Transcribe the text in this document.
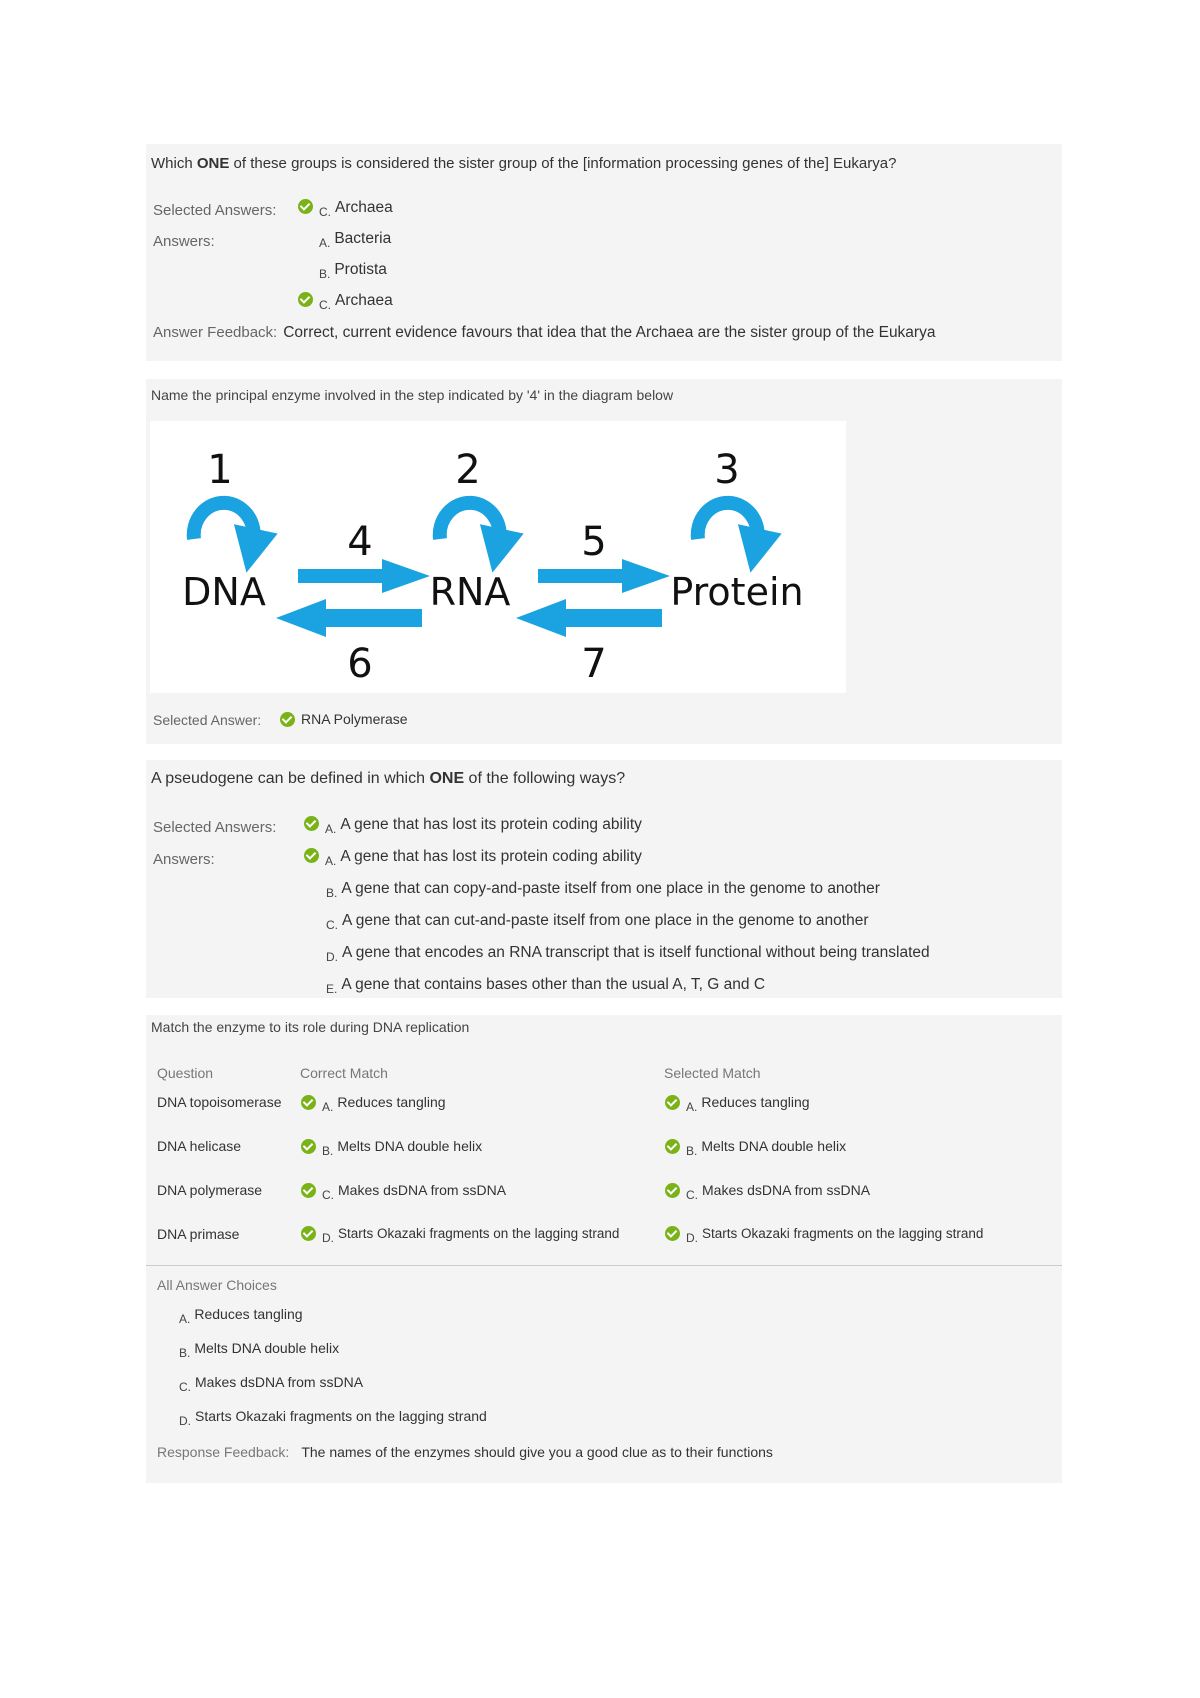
Which ONE of these groups is considered the sister group of the [information processing genes of the] Eukarya?
Selected Answers:	$_{C.}$ Archaea
Answers:	$_{A.}$ Bacteria
$_{B.}$ Protista
$_{C.}$ Archaea
Answer Feedback: Correct, current evidence favours that idea that the Archaea are the sister group of the Eukarya
Name the principal enzyme involved in the step indicated by '4' in the diagram below
1	2	3
4	5
6	7
DNA	RNA	Protein
Selected Answer:	RNA Polymerase
A pseudogene can be defined in which ONE of the following ways?
Selected Answers:	$_{A.}$ A gene that has lost its protein coding ability
Answers:	$_{A.}$ A gene that has lost its protein coding ability
$_{B.}$ A gene that can copy-and-paste itself from one place in the genome to another
$_{C.}$ A gene that can cut-and-paste itself from one place in the genome to another
$_{D.}$ A gene that encodes an RNA transcript that is itself functional without being translated
$_{E.}$ A gene that contains bases other than the usual A, T, G and C
Match the enzyme to its role during DNA replication
Question	Correct Match	Selected Match
DNA topoisomerase	A. Reduces tangling	A. Reduces tangling
DNA helicase	B. Melts DNA double helix	B. Melts DNA double helix
DNA polymerase	C. Makes dsDNA from ssDNA	C. Makes dsDNA from ssDNA
DNA primase	D. Starts Okazaki fragments on the lagging strand	D. Starts Okazaki fragments on the lagging strand
All Answer Choices
A. Reduces tangling
B. Melts DNA double helix
C. Makes dsDNA from ssDNA
D. Starts Okazaki fragments on the lagging strand
Response Feedback: The names of the enzymes should give you a good clue as to their functions
